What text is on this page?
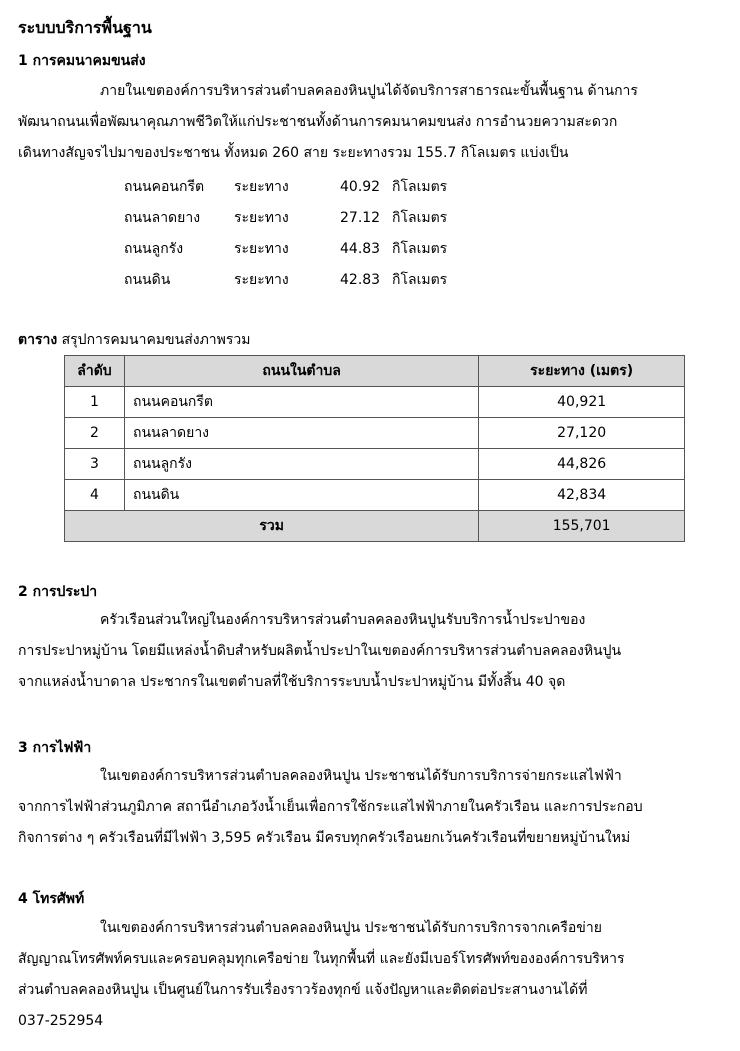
ระบบบริการพื้นฐาน
1 การคมนาคมขนส่ง
ภายในเขตองค์การบริหารส่วนตำบลคลองหินปูนได้จัดบริการสาธารณะขั้นพื้นฐาน ด้านการ
พัฒนาถนนเพื่อพัฒนาคุณภาพชีวิตให้แก่ประชาชนทั้งด้านการคมนาคมขนส่ง การอำนวยความสะดวก
เดินทางสัญจรไปมาของประชาชน ทั้งหมด 260 สาย ระยะทางรวม 155.7 กิโลเมตร แบ่งเป็น
ถนนคอนกรีต ระยะทาง	40.92 กิโลเมตร
ถนนลาดยาง ระยะทาง	27.12 กิโลเมตร
ถนนลูกรัง	ระยะทาง	44.83 กิโลเมตร
ถนนดิน	ระยะทาง	42.83 กิโลเมตร
ตาราง สรุปการคมนาคมขนส่งภาพรวม
ลำดับ	ถนนในตำบล	ระยะทาง (เมตร)
1	ถนนคอนกรีต	40,921
2	ถนนลาดยาง	27,120
3	ถนนลูกรัง	44,826
4	ถนนดิน	42,834
รวม		155,701
2 การประปา
ครัวเรือนส่วนใหญ่ในองค์การบริหารส่วนตำบลคลองหินปูนรับบริการน้ำประปาของ
การประปาหมู่บ้าน โดยมีแหล่งน้ำดิบสำหรับผลิตน้ำประปาในเขตองค์การบริหารส่วนตำบลคลองหินปูน
จากแหล่งน้ำบาดาล ประชากรในเขตตำบลที่ใช้บริการระบบน้ำประปาหมู่บ้าน มีทั้งสิ้น 40 จุด
3 การไฟฟ้า
ในเขตองค์การบริหารส่วนตำบลคลองหินปูน ประชาชนได้รับการบริการจ่ายกระแสไฟฟ้า
จากการไฟฟ้าส่วนภูมิภาค สถานีอำเภอวังน้ำเย็นเพื่อการใช้กระแสไฟฟ้าภายในครัวเรือน และการประกอบ
กิจการต่าง ๆ ครัวเรือนที่มีไฟฟ้า 3,595 ครัวเรือน มีครบทุกครัวเรือนยกเว้นครัวเรือนที่ขยายหมู่บ้านใหม่
4 โทรศัพท์
ในเขตองค์การบริหารส่วนตำบลคลองหินปูน ประชาชนได้รับการบริการจากเครือข่าย
สัญญาณโทรศัพท์ครบและครอบคลุมทุกเครือข่าย ในทุกพื้นที่ และยังมีเบอร์โทรศัพท์ขององค์การบริหาร
ส่วนตำบลคลองหินปูน เป็นศูนย์ในการรับเรื่องราวร้องทุกข์ แจ้งปัญหาและติดต่อประสานงานได้ที่
037-252954
